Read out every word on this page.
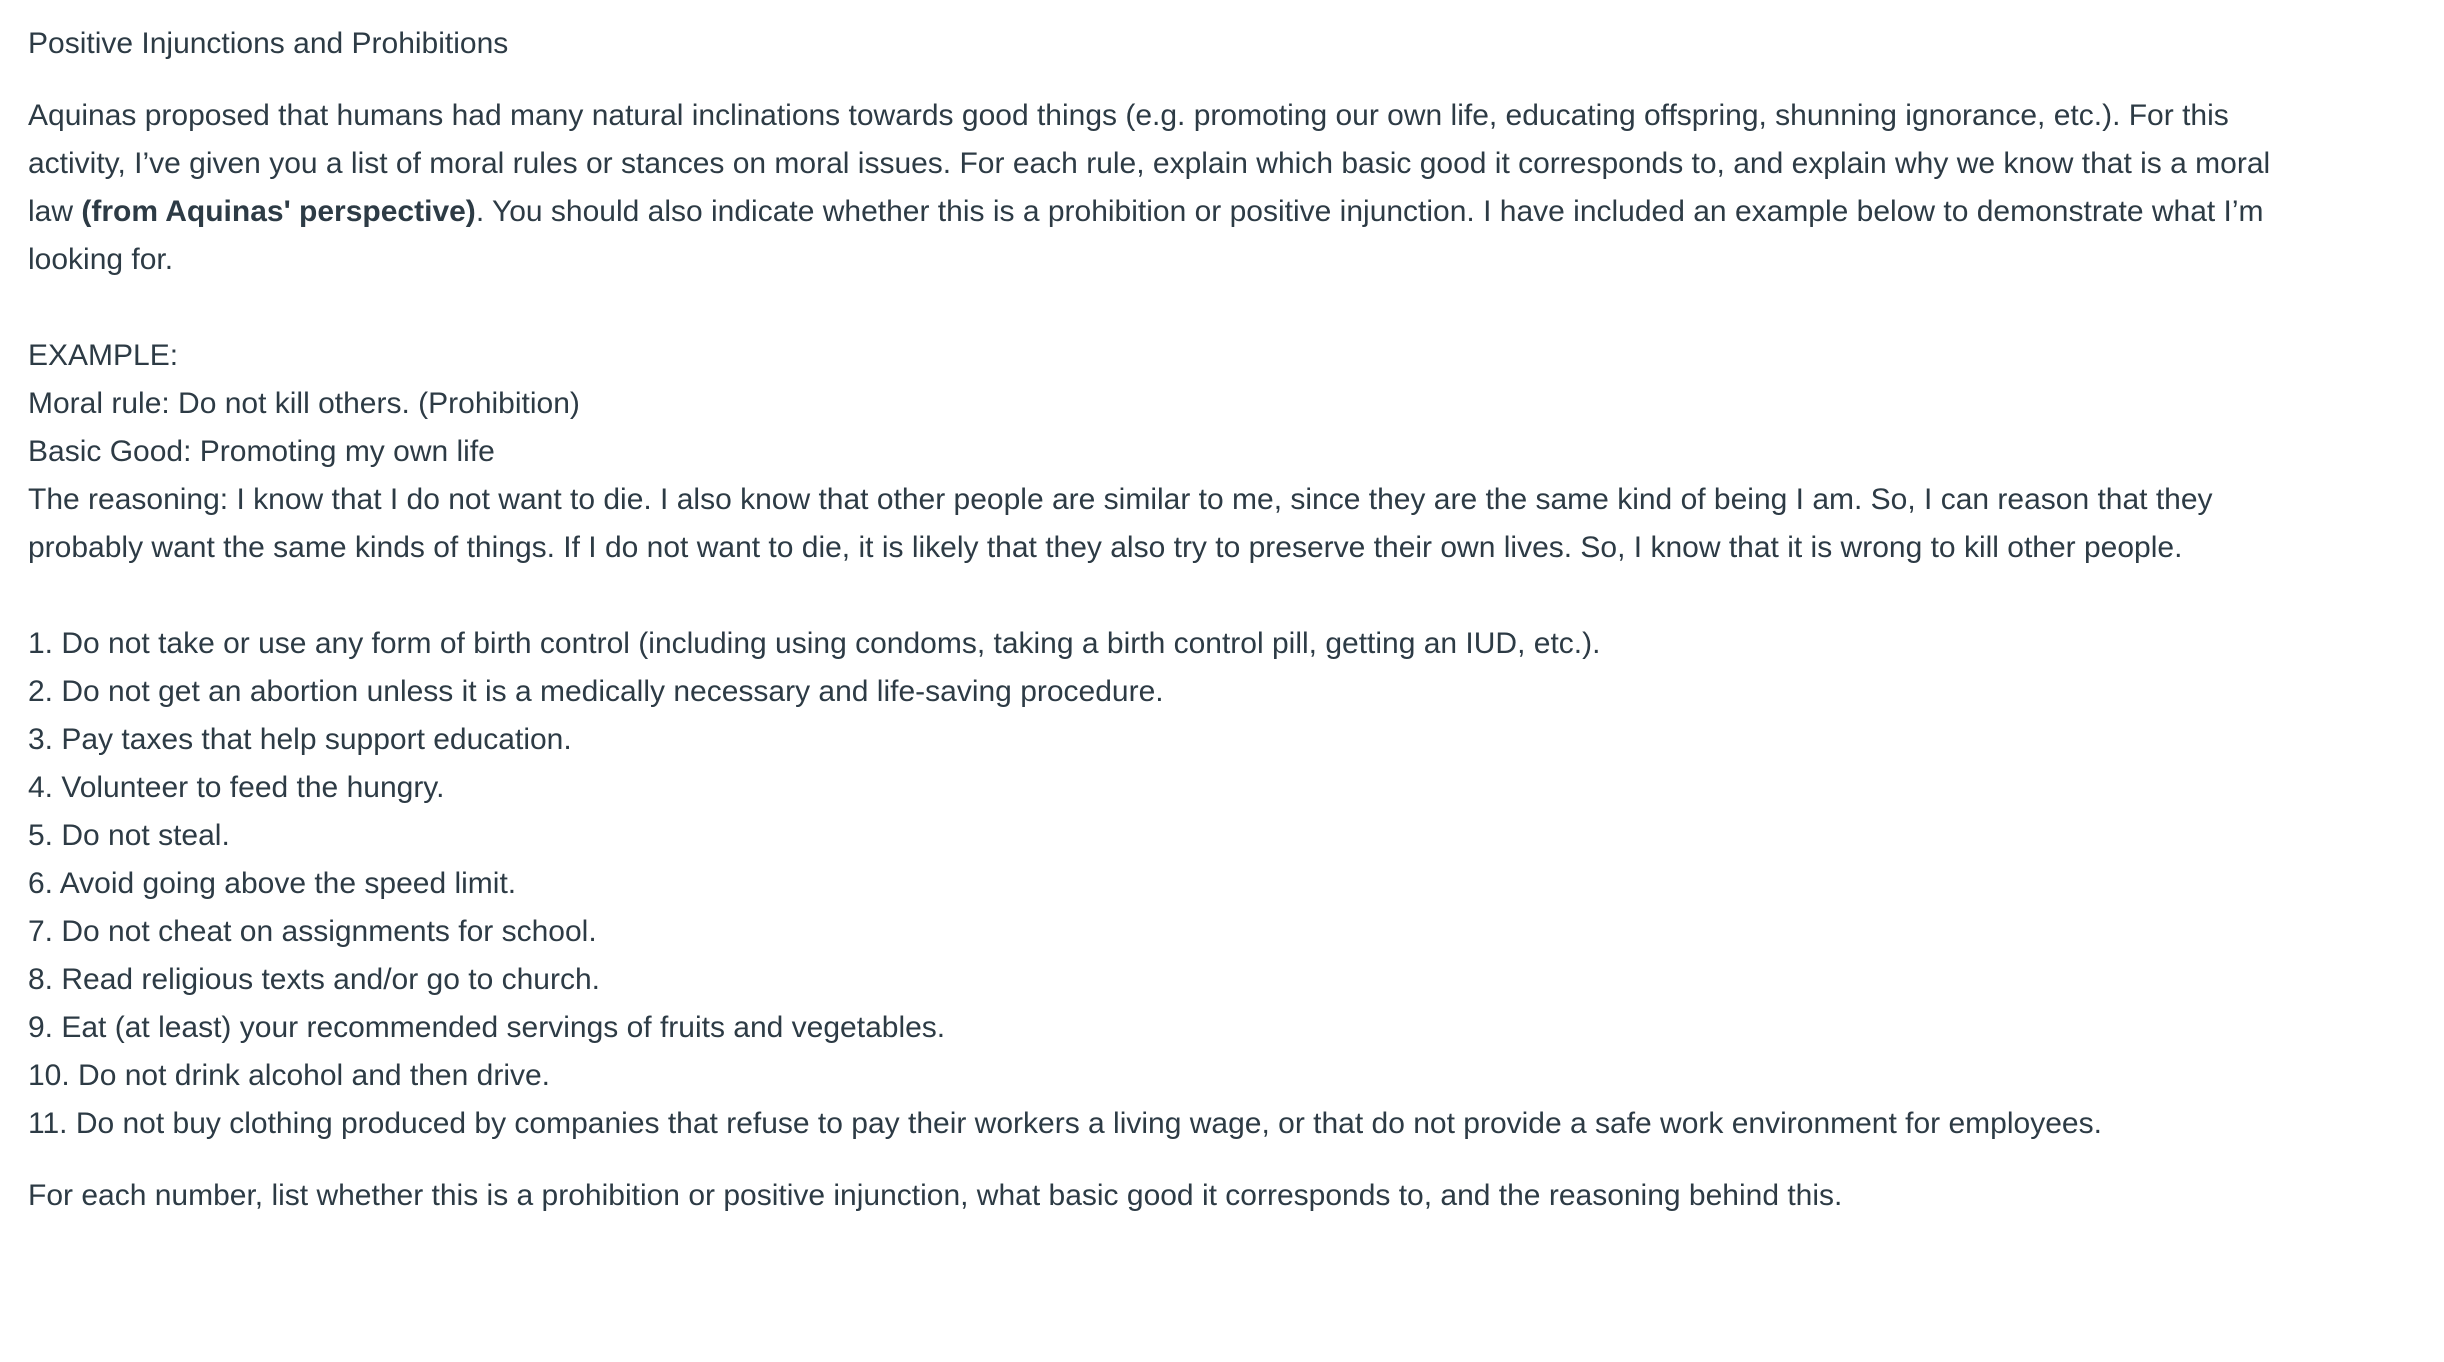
Positive Injunctions and Prohibitions

Aquinas proposed that humans had many natural inclinations towards good things (e.g. promoting our own life, educating offspring, shunning ignorance, etc.). For this activity, I’ve given you a list of moral rules or stances on moral issues. For each rule, explain which basic good it corresponds to, and explain why we know that is a moral law (from Aquinas' perspective). You should also indicate whether this is a prohibition or positive injunction. I have included an example below to demonstrate what I’m looking for.

EXAMPLE:

Moral rule: Do not kill others. (Prohibition)

Basic Good: Promoting my own life

The reasoning: I know that I do not want to die. I also know that other people are similar to me, since they are the same kind of being I am. So, I can reason that they probably want the same kinds of things. If I do not want to die, it is likely that they also try to preserve their own lives. So, I know that it is wrong to kill other people.

1. Do not take or use any form of birth control (including using condoms, taking a birth control pill, getting an IUD, etc.).
2. Do not get an abortion unless it is a medically necessary and life-saving procedure.
3. Pay taxes that help support education.
4. Volunteer to feed the hungry.
5. Do not steal.
6. Avoid going above the speed limit.
7. Do not cheat on assignments for school.
8. Read religious texts and/or go to church.
9. Eat (at least) your recommended servings of fruits and vegetables.
10. Do not drink alcohol and then drive.
11. Do not buy clothing produced by companies that refuse to pay their workers a living wage, or that do not provide a safe work environment for employees.

For each number, list whether this is a prohibition or positive injunction, what basic good it corresponds to, and the reasoning behind this.
